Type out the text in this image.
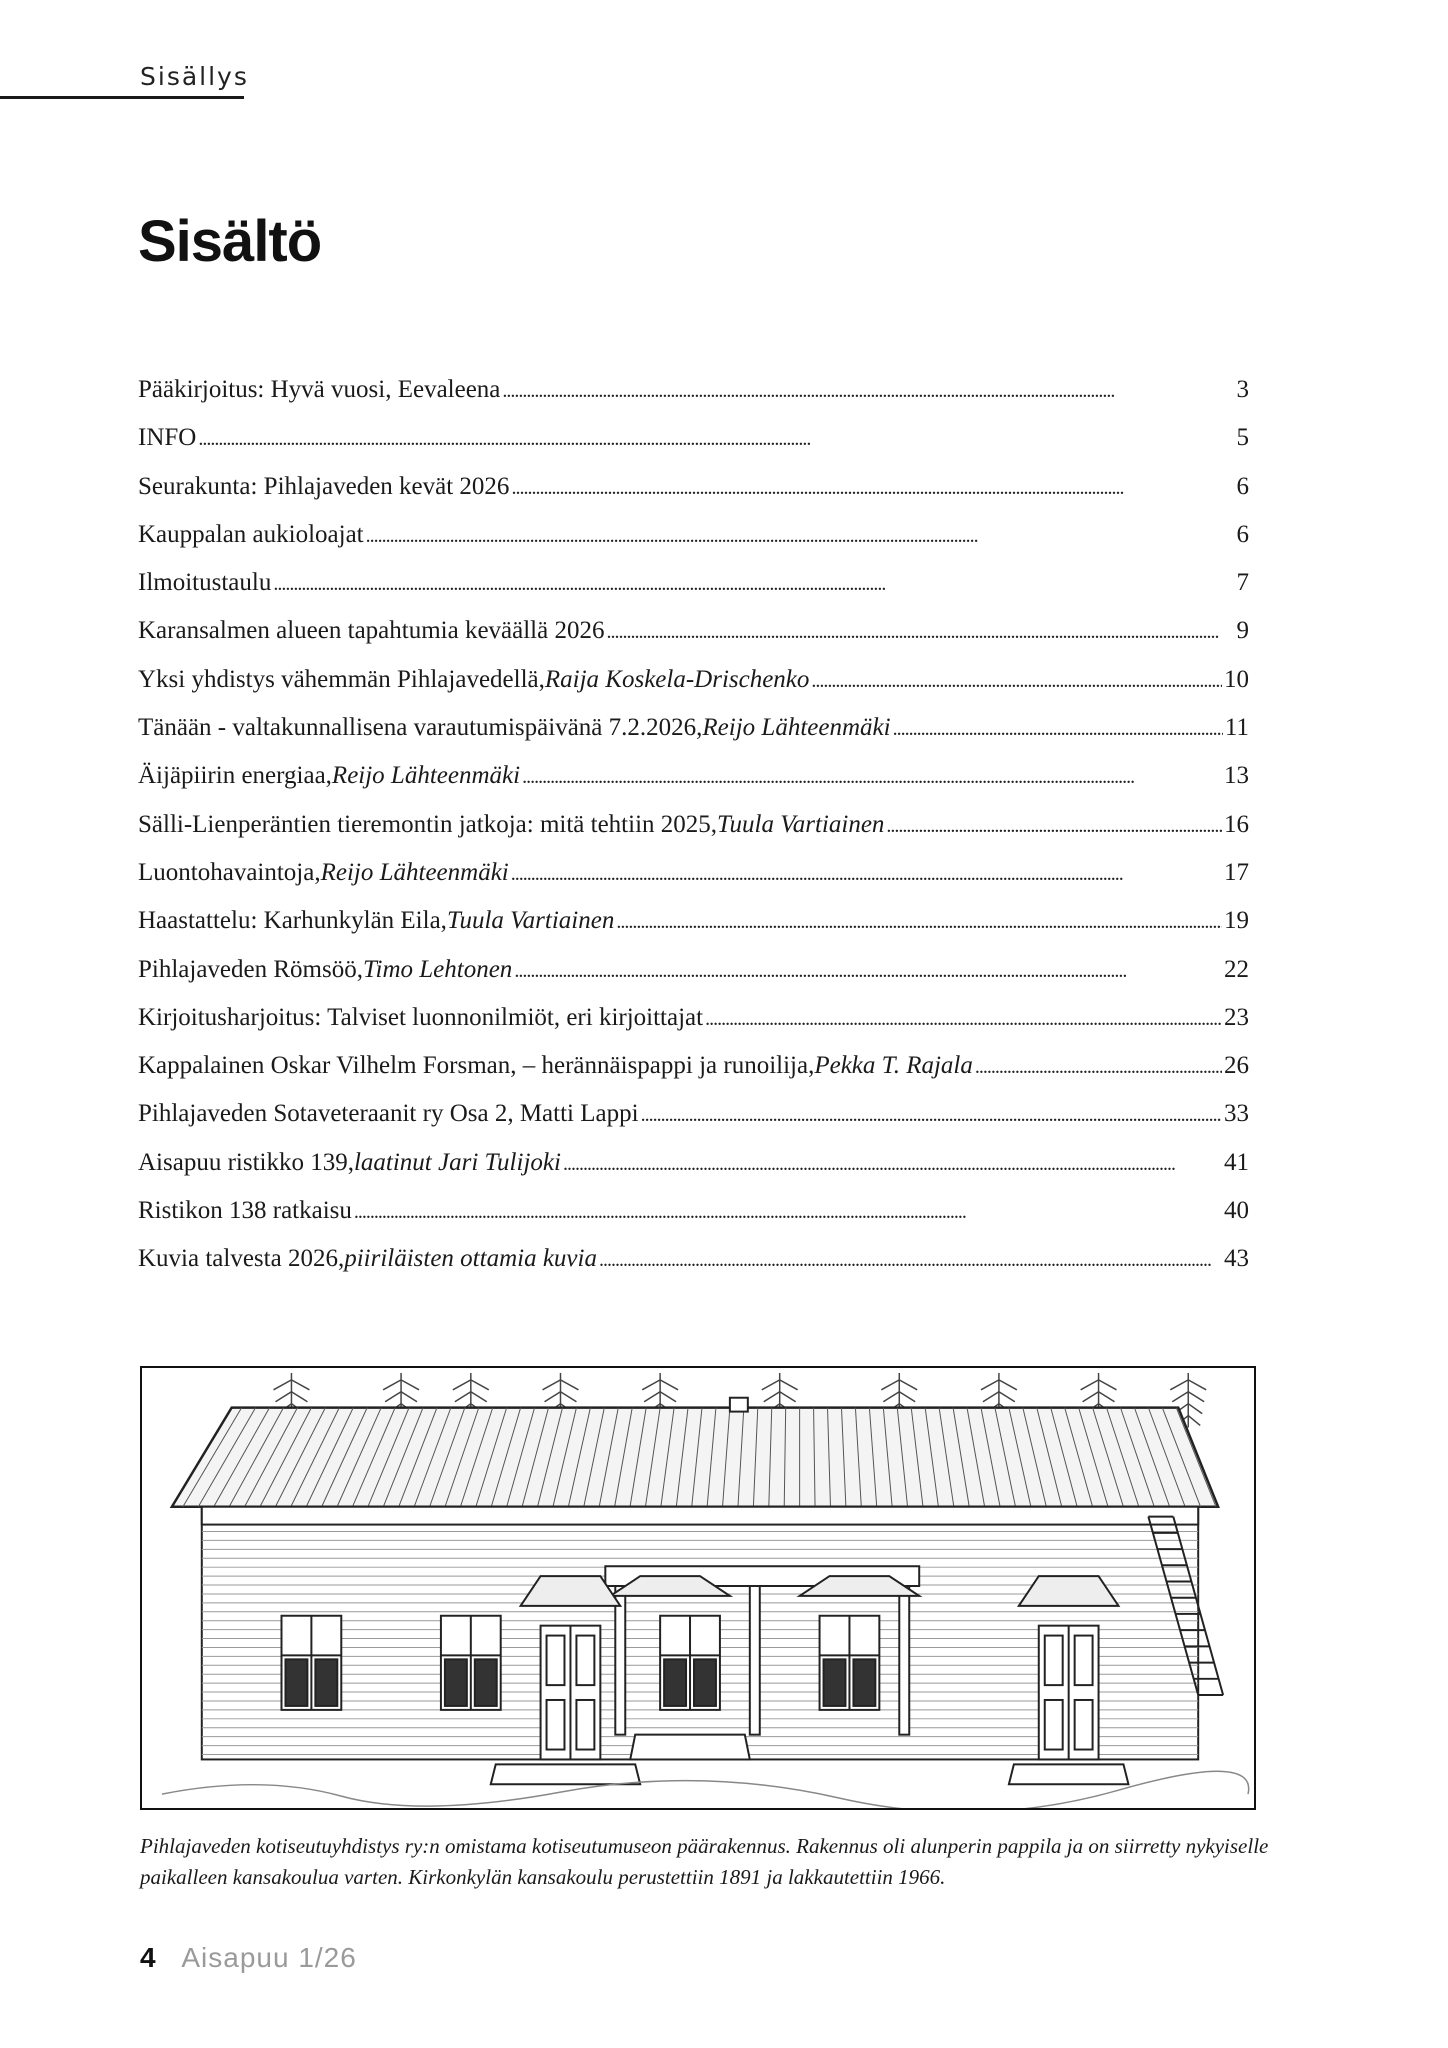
Sisällys
Sisältö
Pääkirjoitus: Hyvä vuosi, Eevaleena . . .	3
INFO . . .	5
Seurakunta: Pihlajaveden kevät 2026 . . .	6
Kauppalan aukioloajat . . .	6
Ilmoitustaulu . . .	7
Karansalmen alueen tapahtumia keväällä 2026 . . .	9
Yksi yhdistys vähemmän Pihlajavedellä, Raija Koskela-Drischenko . . .	10
Tänään - valtakunnallisena varautumispäivänä 7.2.2026, Reijo Lähteenmäki . . .	11
Äijäpiirin energiaa, Reijo Lähteenmäki . . .	13
Sälli-Lienperäntien tieremontin jatkoja: mitä tehtiin 2025, Tuula Vartiainen . . .	16
Luontohavaintoja, Reijo Lähteenmäki . . .	17
Haastattelu: Karhunkylän Eila, Tuula Vartiainen . . .	19
Pihlajaveden Römsöö, Timo Lehtonen . . .	22
Kirjoitusharjoitus: Talviset luonnonilmiöt, eri kirjoittajat . . .	23
Kappalainen Oskar Vilhelm Forsman, – herännäispappi ja runoilija, Pekka T. Rajala . . .	26
Pihlajaveden Sotaveteraanit ry Osa 2, Matti Lappi . . .	33
Aisapuu ristikko 139, laatinut Jari Tulijoki . . .	41
Ristikon 138 ratkaisu . . .	40
Kuvia talvesta 2026, piiriläisten ottamia kuvia . . .	43

Pihlajaveden kotiseutuyhdistys ry:n omistama kotiseutumuseon päärakennus. Rakennus oli alunperin pappila ja on siirretty nykyiselle paikalleen kansakoulua varten. Kirkonkylän kansakoulu perustettiin 1891 ja lakkautettiin 1966.

4 Aisapuu 1/26
